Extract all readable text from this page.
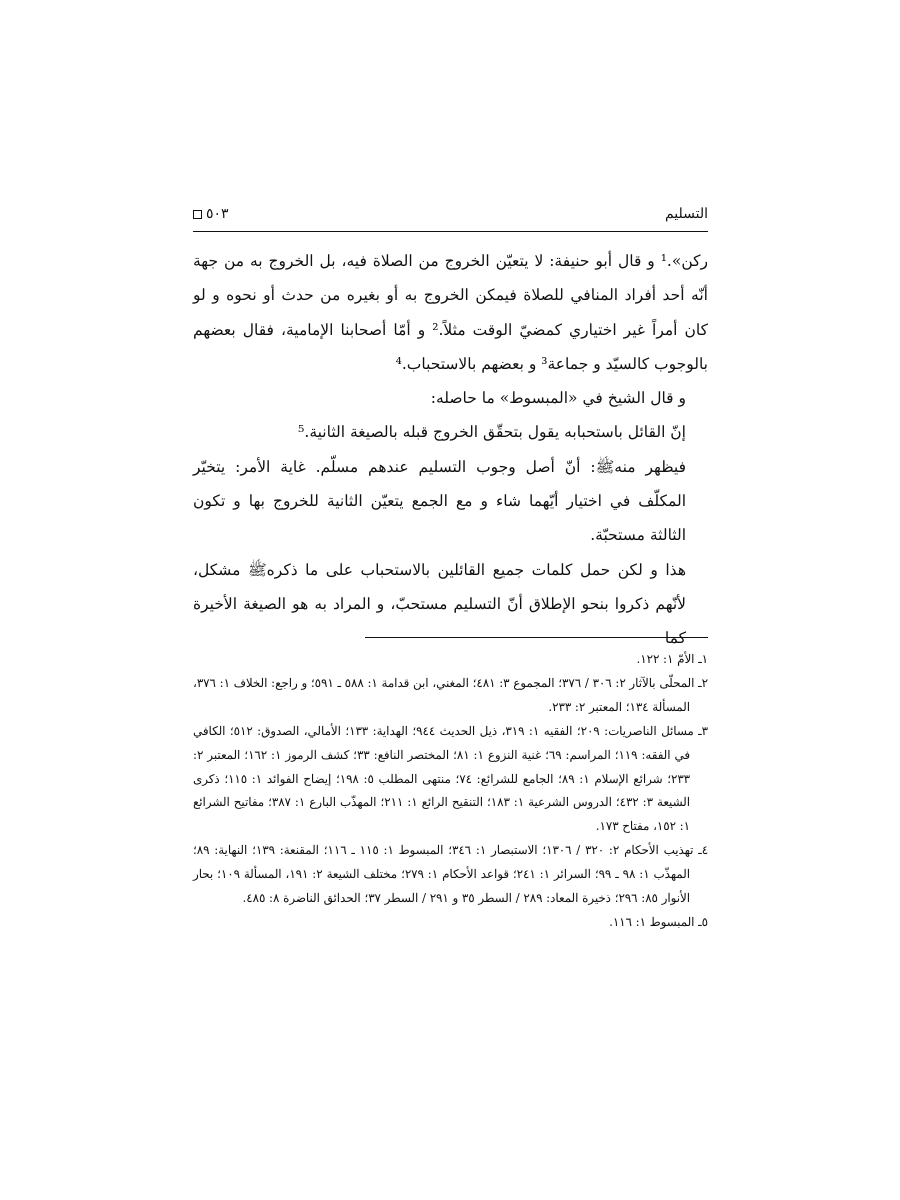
٥٠٣	التسليم

ركن».¹ و قال أبو حنيفة: لا يتعيّن الخروج من الصلاة فيه، بل الخروج به من جهة أنّه أحد أفراد المنافي للصلاة فيمكن الخروج به أو بغيره من حدث أو نحوه و لو كان أمراً غير اختياري كمضيّ الوقت مثلاً.² و أمّا أصحابنا الإمامية، فقال بعضهم بالوجوب كالسيّد و جماعة³ و بعضهم بالاستحباب.⁴

و قال الشيخ في «المبسوط» ما حاصله:

إنّ القائل باستحبابه يقول بتحقّق الخروج قبله بالصيغة الثانية.⁵

فيظهر منهﷺ: أنّ أصل وجوب التسليم عندهم مسلّم. غاية الأمر: يتخيّر المكلّف في اختيار أيّهما شاء و مع الجمع يتعيّن الثانية للخروج بها و تكون الثالثة مستحبّة.

هذا و لكن حمل كلمات جميع القائلين بالاستحباب على ما ذكرهﷺ مشكل، لأنّهم ذكروا بنحو الإطلاق أنّ التسليم مستحبّ، و المراد به هو الصيغة الأخيرة كما

١ـ الأمّ ١: ١٢٢.

٢ـ المحلّى بالآثار ٢: ٣٠٦ / ٣٧٦؛ المجموع ٣: ٤٨١؛ المغني، ابن قدامة ١: ٥٨٨ ـ ٥٩١؛ و راجع: الخلاف ١: ٣٧٦، المسألة ١٣٤؛ المعتبر ٢: ٢٣٣.

٣ـ مسائل الناصريات: ٢٠٩؛ الفقيه ١: ٣١٩، ذيل الحديث ٩٤٤؛ الهداية: ١٣٣؛ الأمالي، الصدوق: ٥١٢؛ الكافي في الفقه: ١١٩؛ المراسم: ٦٩؛ غنية النزوع ١: ٨١؛ المختصر النافع: ٣٣؛ كشف الرموز ١: ١٦٢؛ المعتبر ٢: ٢٣٣؛ شرائع الإسلام ١: ٨٩؛ الجامع للشرائع: ٧٤؛ منتهى المطلب ٥: ١٩٨؛ إيضاح الفوائد ١: ١١٥؛ ذكرى الشيعة ٣: ٤٣٢؛ الدروس الشرعية ١: ١٨٣؛ التنقيح الرائع ١: ٢١١؛ المهذّب البارع ١: ٣٨٧؛ مفاتيح الشرائع ١: ١٥٢، مفتاح ١٧٣.

٤ـ تهذيب الأحكام ٢: ٣٢٠ / ١٣٠٦؛ الاستبصار ١: ٣٤٦؛ المبسوط ١: ١١٥ ـ ١١٦؛ المقنعة: ١٣٩؛ النهاية: ٨٩؛ المهذّب ١: ٩٨ ـ ٩٩؛ السرائر ١: ٢٤١؛ قواعد الأحكام ١: ٢٧٩؛ مختلف الشيعة ٢: ١٩١، المسألة ١٠٩؛ بحار الأنوار ٨٥: ٢٩٦؛ ذخيرة المعاد: ٢٨٩ / السطر ٣٥ و ٢٩١ / السطر ٣٧؛ الحدائق الناضرة ٨: ٤٨٥.

٥ـ المبسوط ١: ١١٦.
